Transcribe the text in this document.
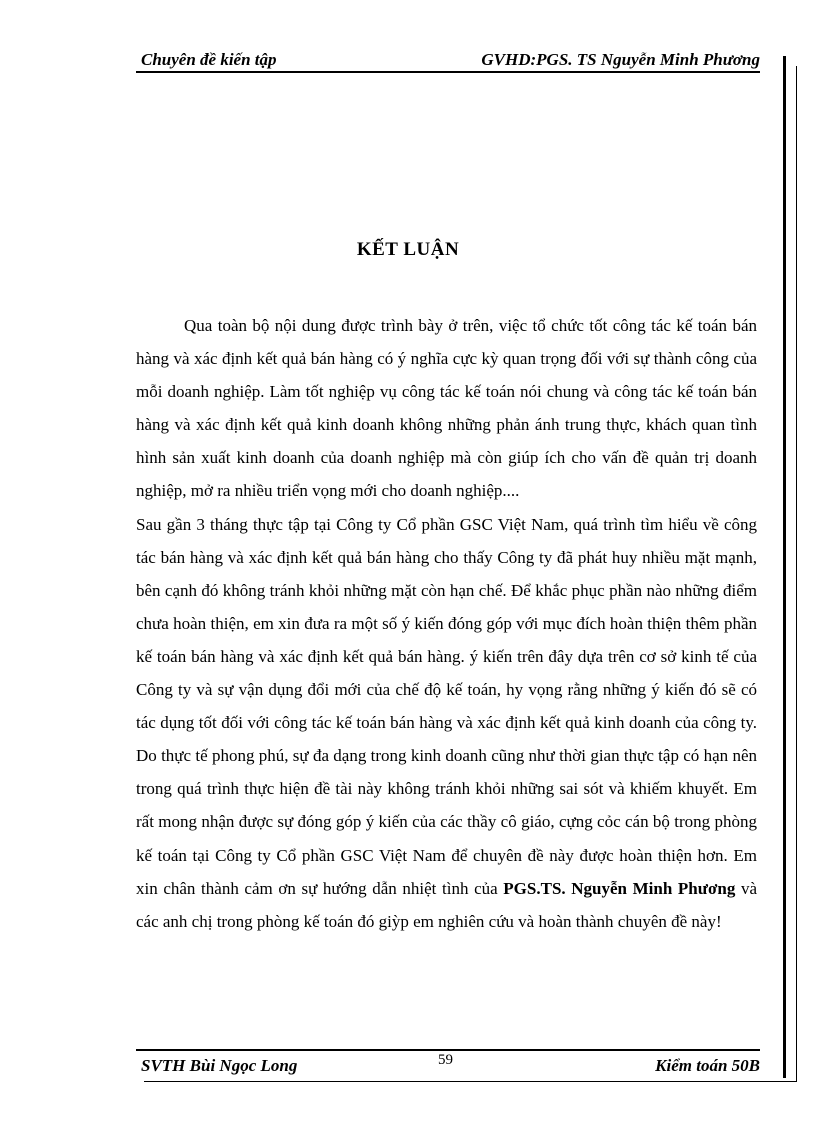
Chuyên đề kiến tập	GVHD:PGS. TS Nguyễn Minh Phương
KẾT LUẬN

Qua toàn bộ nội dung được trình bày ở trên, việc tổ chức tốt công tác kế toán bán hàng và xác định kết quả bán hàng có ý nghĩa cực kỳ quan trọng đối với sự thành công của mỗi doanh nghiệp. Làm tốt nghiệp vụ công tác kế toán nói chung và công tác kế toán bán hàng và xác định kết quả kinh doanh không những phản ánh trung thực, khách quan tình hình sản xuất kinh doanh của doanh nghiệp mà còn giúp ích cho vấn đề quản trị doanh nghiệp, mở ra nhiều triển vọng mới cho doanh nghiệp....

Sau gần 3 tháng thực tập tại Công ty Cổ phần GSC Việt Nam, quá trình tìm hiểu về công tác bán hàng và xác định kết quả bán hàng cho thấy Công ty đã phát huy nhiều mặt mạnh, bên cạnh đó không tránh khỏi những mặt còn hạn chế. Để khắc phục phần nào những điểm chưa hoàn thiện, em xin đưa ra một số ý kiến đóng góp với mục đích hoàn thiện thêm phần kế toán bán hàng và xác định kết quả bán hàng. ý kiến trên đây dựa trên cơ sở kinh tế của Công ty và sự vận dụng đổi mới của chế độ kế toán, hy vọng rằng những ý kiến đó sẽ có tác dụng tốt đối với công tác kế toán bán hàng và xác định kết quả kinh doanh của công ty. Do thực tế phong phú, sự đa dạng trong kinh doanh cũng như thời gian thực tập có hạn nên trong quá trình thực hiện đề tài này không tránh khỏi những sai sót và khiếm khuyết. Em rất mong nhận được sự đóng góp ý kiến của các thầy cô giáo, cựng cỏc cán bộ trong phòng kế toán tại Công ty Cổ phần GSC Việt Nam để chuyên đề này được hoàn thiện hơn. Em xin chân thành cảm ơn sự hướng dẫn nhiệt tình của PGS.TS. Nguyễn Minh Phương và các anh chị trong phòng kế toán đó giỳp em nghiên cứu và hoàn thành chuyên đề này!

SVTH Bùi Ngọc Long	59	Kiểm toán 50B
